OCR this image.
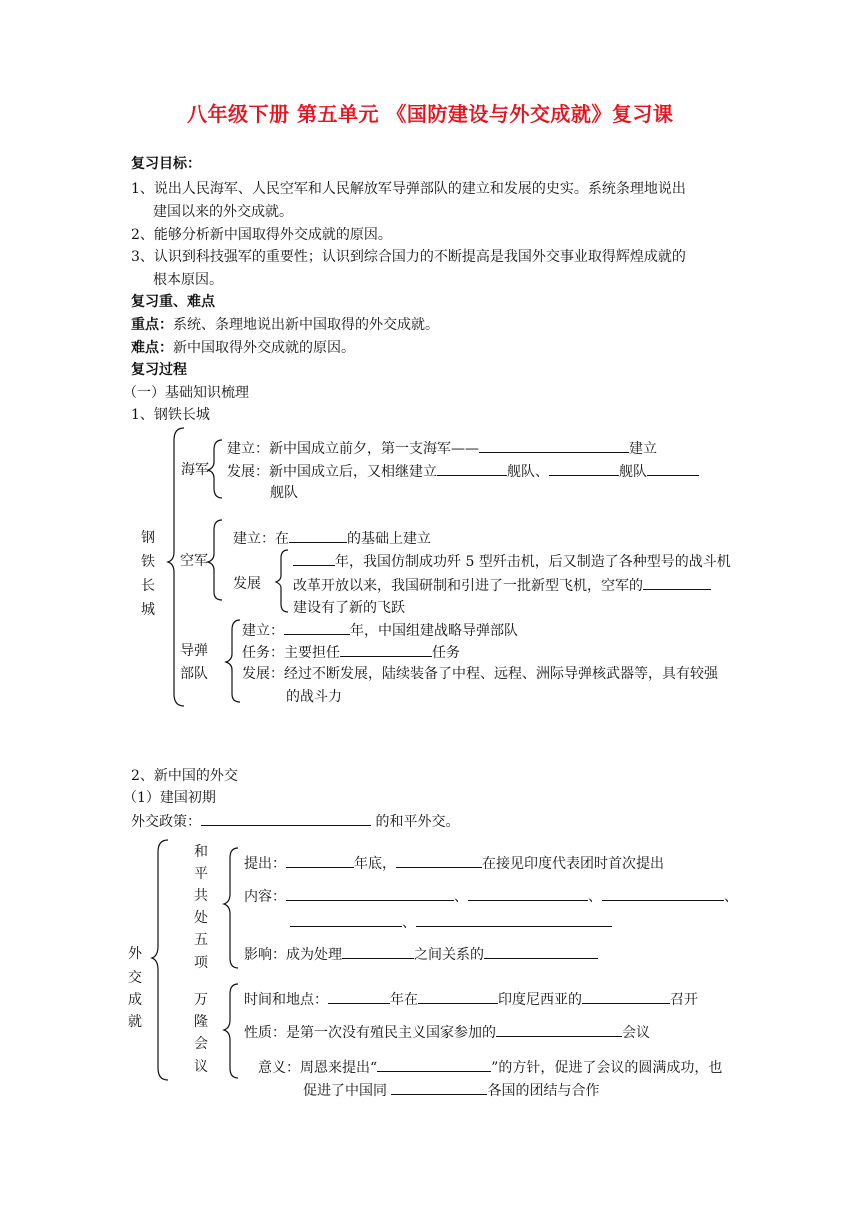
八年级下册 第五单元 《国防建设与外交成就》复习课
复习目标：
1、说出人民海军、人民空军和人民解放军导弹部队的建立和发展的史实。系统条理地说出
建国以来的外交成就。
2、能够分析新中国取得外交成就的原因。
3、认识到科技强军的重要性；认识到综合国力的不断提高是我国外交事业取得辉煌成就的
根本原因。
复习重、难点
重点：系统、条理地说出新中国取得的外交成就。
难点：新中国取得外交成就的原因。
复习过程
（一）基础知识梳理
1、钢铁长城
钢
铁
长
城
海军
建立：新中国成立前夕，第一支海军——	建立
发展：新中国成立后，又相继建立	舰队、	舰队
舰队
空军
建立：在	的基础上建立
发展
年，我国仿制成功歼 5 型歼击机，后又制造了各种型号的战斗机
改革开放以来，我国研制和引进了一批新型飞机，空军的
建设有了新的飞跃
导弹
部队
建立：	年，中国组建战略导弹部队
任务：主要担任	任务
发展：经过不断发展，陆续装备了中程、远程、洲际导弹核武器等，具有较强
的战斗力
2、新中国的外交
（1）建国初期
外交政策：	的和平外交。
外
交
成
就
和
平
共
处
五
项
提出：	年底，	在接见印度代表团时首次提出
内容：	、	、	、
、
影响：成为处理	之间关系的
万
隆
会
议
时间和地点：	年在	印度尼西亚的	召开
性质：是第一次没有殖民主义国家参加的	会议
意义：周恩来提出“	”的方针，促进了会议的圆满成功，也
促进了中国同	各国的团结与合作
